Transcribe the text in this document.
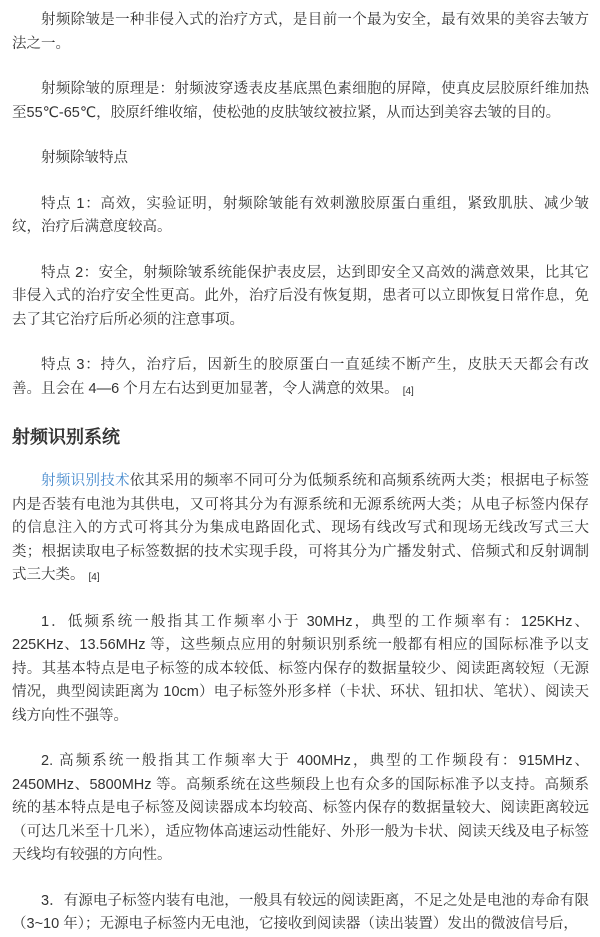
射频除皱是一种非侵入式的治疗方式，是目前一个最为安全，最有效果的美容去皱方法之一。

射频除皱的原理是：射频波穿透表皮基底黑色素细胞的屏障，使真皮层胶原纤维加热至55℃-65℃，胶原纤维收缩，使松弛的皮肤皱纹被拉紧，从而达到美容去皱的目的。

射频除皱特点

特点 1：高效，实验证明，射频除皱能有效刺激胶原蛋白重组，紧致肌肤、减少皱纹，治疗后满意度较高。

特点 2：安全，射频除皱系统能保护表皮层，达到即安全又高效的满意效果，比其它非侵入式的治疗安全性更高。此外，治疗后没有恢复期，患者可以立即恢复日常作息，免去了其它治疗后所必须的注意事项。

特点 3：持久，治疗后，因新生的胶原蛋白一直延续不断产生，皮肤天天都会有改善。且会在 4—6 个月左右达到更加显著，令人满意的效果。 [4]

射频识别系统

射频识别技术依其采用的频率不同可分为低频系统和高频系统两大类；根据电子标签内是否装有电池为其供电，又可将其分为有源系统和无源系统两大类；从电子标签内保存的信息注入的方式可将其分为集成电路固化式、现场有线改写式和现场无线改写式三大类；根据读取电子标签数据的技术实现手段，可将其分为广播发射式、倍频式和反射调制式三大类。 [4]

1．低频系统一般指其工作频率小于 30MHz，典型的工作频率有：125KHz、225KHz、13.56MHz 等，这些频点应用的射频识别系统一般都有相应的国际标准予以支持。其基本特点是电子标签的成本较低、标签内保存的数据量较少、阅读距离较短（无源情况，典型阅读距离为 10cm）电子标签外形多样（卡状、环状、钮扣状、笔状）、阅读天线方向性不强等。

2. 高频系统一般指其工作频率大于 400MHz，典型的工作频段有：915MHz、2450MHz、5800MHz 等。高频系统在这些频段上也有众多的国际标准予以支持。高频系统的基本特点是电子标签及阅读器成本均较高、标签内保存的数据量较大、阅读距离较远（可达几米至十几米），适应物体高速运动性能好、外形一般为卡状、阅读天线及电子标签天线均有较强的方向性。

3．有源电子标签内装有电池，一般具有较远的阅读距离，不足之处是电池的寿命有限（3~10 年）；无源电子标签内无电池，它接收到阅读器（读出装置）发出的微波信号后，
